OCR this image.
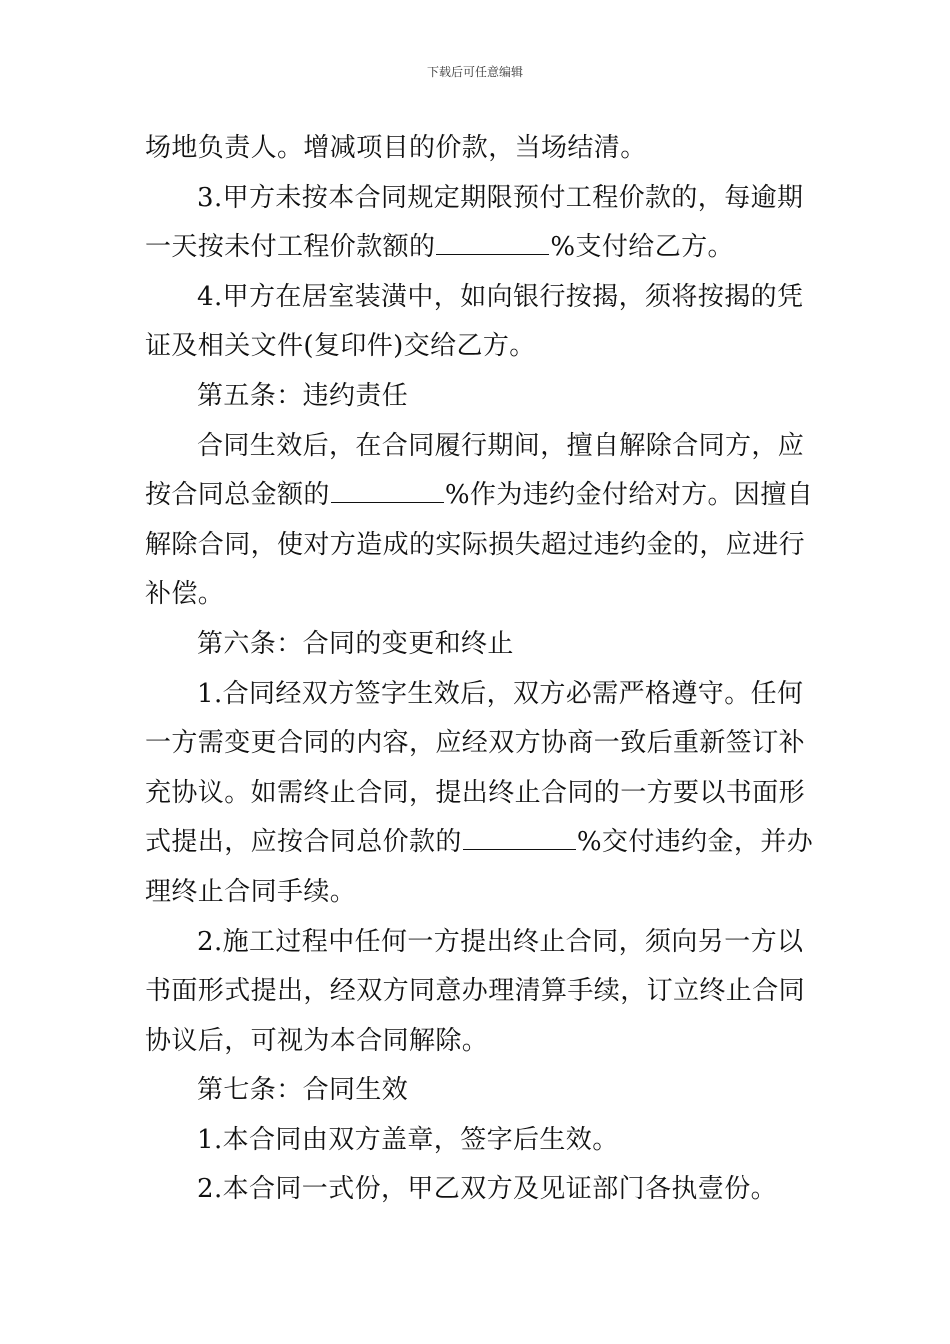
下载后可任意编辑

场地负责人。增减项目的价款，当场结清。

3.甲方未按本合同规定期限预付工程价款的，每逾期

一天按未付工程价款额的	%支付给乙方。

4.甲方在居室装潢中，如向银行按揭，须将按揭的凭

证及相关文件(复印件)交给乙方。

第五条：违约责任

合同生效后，在合同履行期间，擅自解除合同方，应

按合同总金额的	%作为违约金付给对方。因擅自

解除合同，使对方造成的实际损失超过违约金的，应进行

补偿。

第六条：合同的变更和终止

1.合同经双方签字生效后，双方必需严格遵守。任何

一方需变更合同的内容，应经双方协商一致后重新签订补

充协议。如需终止合同，提出终止合同的一方要以书面形

式提出，应按合同总价款的	%交付违约金，并办

理终止合同手续。

2.施工过程中任何一方提出终止合同，须向另一方以

书面形式提出，经双方同意办理清算手续，订立终止合同

协议后，可视为本合同解除。

第七条：合同生效

1.本合同由双方盖章，签字后生效。

2.本合同一式份，甲乙双方及见证部门各执壹份。
